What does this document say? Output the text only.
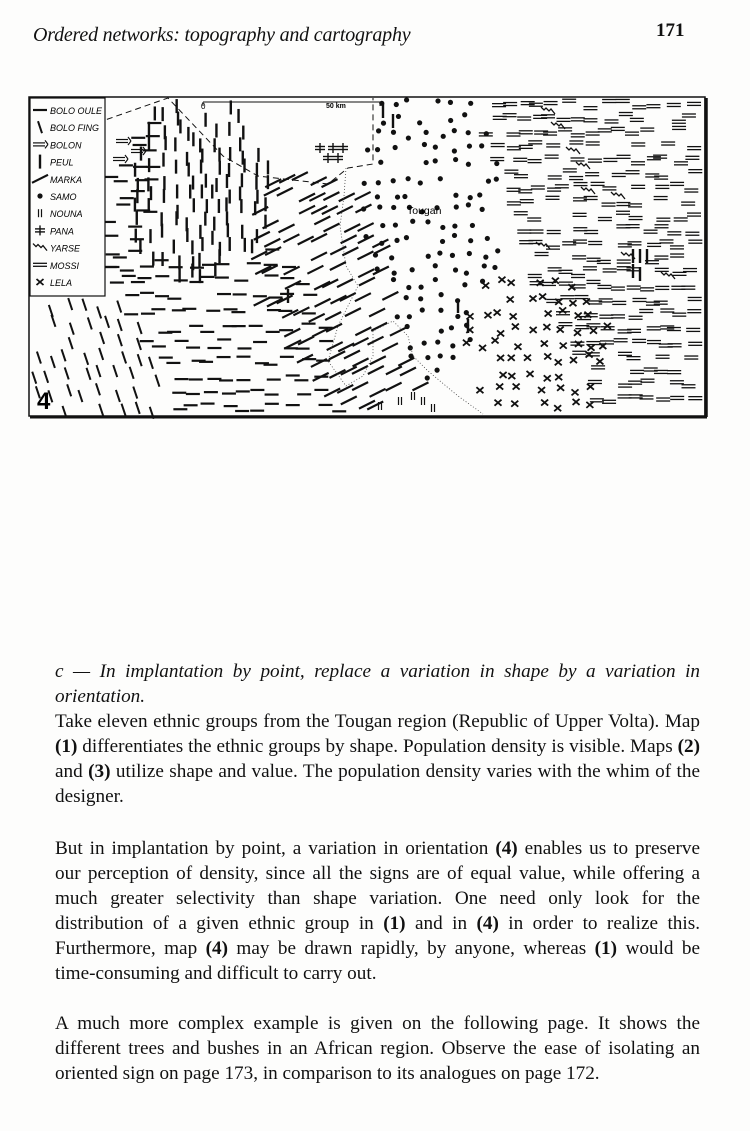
Ordered networks: topography and cartography	171
0	50 km
BOLO OULE
BOLO FING
BOLON
PEUL
MARKA
SAMO
NOUNA
PANA
YARSE
MOSSI
LELA
Tougan
4

c — In implantation by point, replace a variation in shape by a variation in orientation.

Take eleven ethnic groups from the Tougan region (Republic of Upper Volta). Map (1) differentiates the ethnic groups by shape. Population density is visible. Maps (2) and (3) utilize shape and value. The population density varies with the whim of the designer.

But in implantation by point, a variation in orientation (4) enables us to preserve our perception of density, since all the signs are of equal value, while offering a much greater selectivity than shape variation. One need only look for the distribution of a given ethnic group in (1) and in (4) in order to realize this. Furthermore, map (4) may be drawn rapidly, by anyone, whereas (1) would be time-consuming and difficult to carry out.

A much more complex example is given on the following page. It shows the different trees and bushes in an African region. Observe the ease of isolating an oriented sign on page 173, in comparison to its analogues on page 172.
